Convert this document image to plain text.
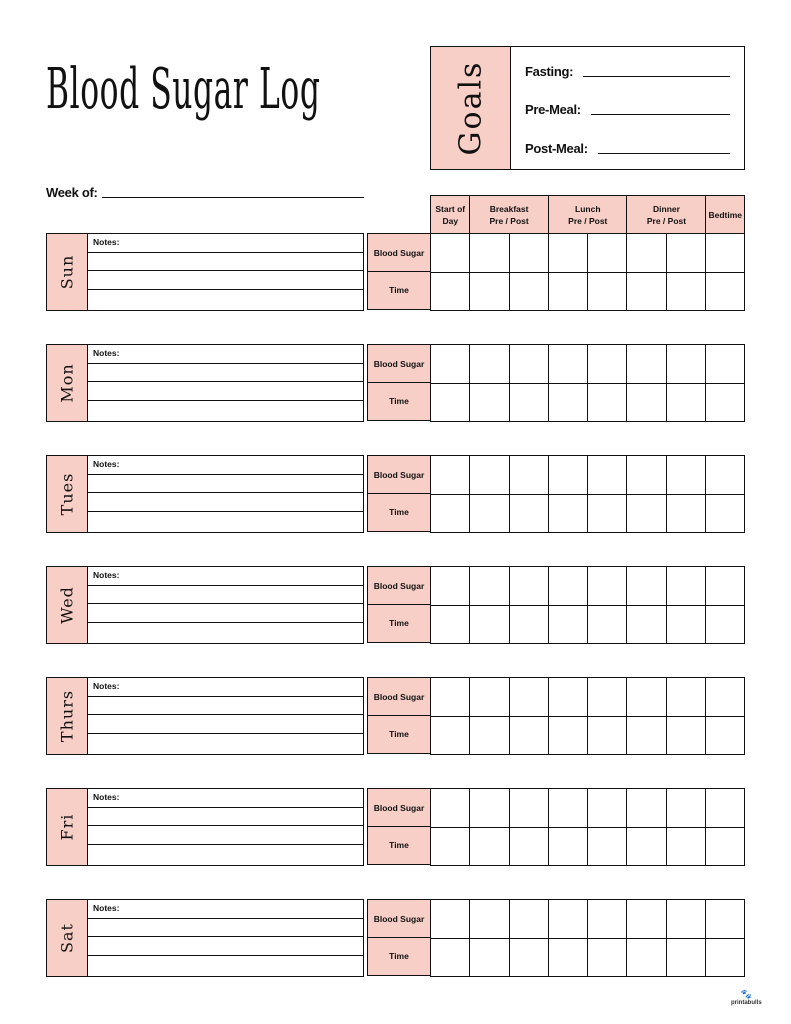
Blood Sugar Log	Goals	Fasting:
Pre-Meal:
Post-Meal:
Week of:
Start of
Day
Breakfast
Pre / Post
Lunch
Pre / Post
Dinner
Pre / Post
Bedtime
Sun
Notes:
Blood Sugar
Time
Mon
Notes:
Blood Sugar
Time
Tues
Notes:
Blood Sugar
Time
Wed
Notes:
Blood Sugar
Time
Thurs
Notes:
Blood Sugar
Time
Fri
Notes:
Blood Sugar
Time
Sat
Notes:
Blood Sugar
Time
🐾
printabulls
